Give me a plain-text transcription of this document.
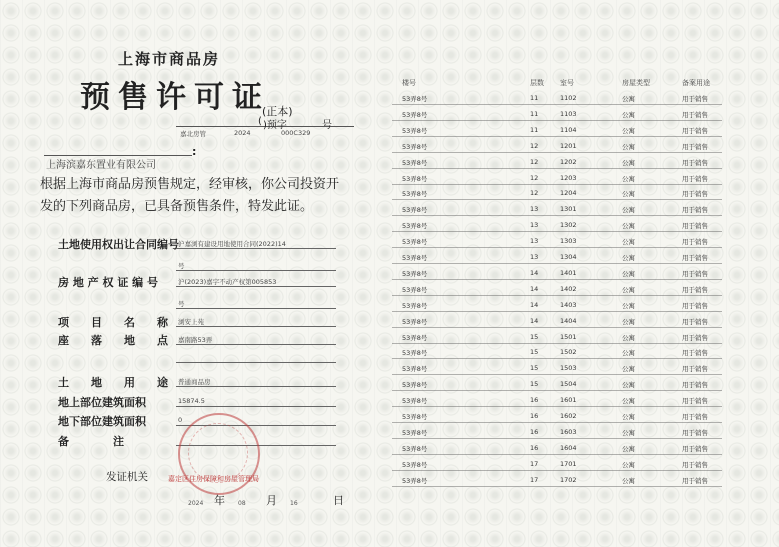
上海市商品房
预售许可证
(正本)
( )预字	号
嘉北房管	2024	000C329
:
上海滨嘉东置业有限公司
根据上海市商品房预售规定，经审核，你公司投资开发的下列商品房，已具备预售条件，特发此证。
土地使用权出让合同编号 沪嘉浏有建设用地使用合同(2022)14
号
房 地 产 权 证 编 号	沪(2023)嘉字不动产权第005853
号
项　　目　　名　　称 浏安上苑
座　　落　　地　　点 嘉南路53弄
土　　地　　用　　途 普通商品房
地上部位建筑面积	15874.5
地下部位建筑面积	0
备　　　　注
发证机关	嘉定区住房保障和房屋管理局
2024 年 08 月 16	日
楼号	层数 室号	房屋类型	备案用途
53弄8号	11	1102	公寓	用于销售
53弄8号	11	1103	公寓	用于销售
53弄8号	11	1104	公寓	用于销售
53弄8号	12	1201	公寓	用于销售
53弄8号	12	1202	公寓	用于销售
53弄8号	12	1203	公寓	用于销售
53弄8号	12	1204	公寓	用于销售
53弄8号	13	1301	公寓	用于销售
53弄8号	13	1302	公寓	用于销售
53弄8号	13	1303	公寓	用于销售
53弄8号	13	1304	公寓	用于销售
53弄8号	14	1401	公寓	用于销售
53弄8号	14	1402	公寓	用于销售
53弄8号	14	1403	公寓	用于销售
53弄8号	14	1404	公寓	用于销售
53弄8号	15	1501	公寓	用于销售
53弄8号	15	1502	公寓	用于销售
53弄8号	15	1503	公寓	用于销售
53弄8号	15	1504	公寓	用于销售
53弄8号	16	1601	公寓	用于销售
53弄8号	16	1602	公寓	用于销售
53弄8号	16	1603	公寓	用于销售
53弄8号	16	1604	公寓	用于销售
53弄8号	17	1701	公寓	用于销售
53弄8号	17	1702	公寓	用于销售
